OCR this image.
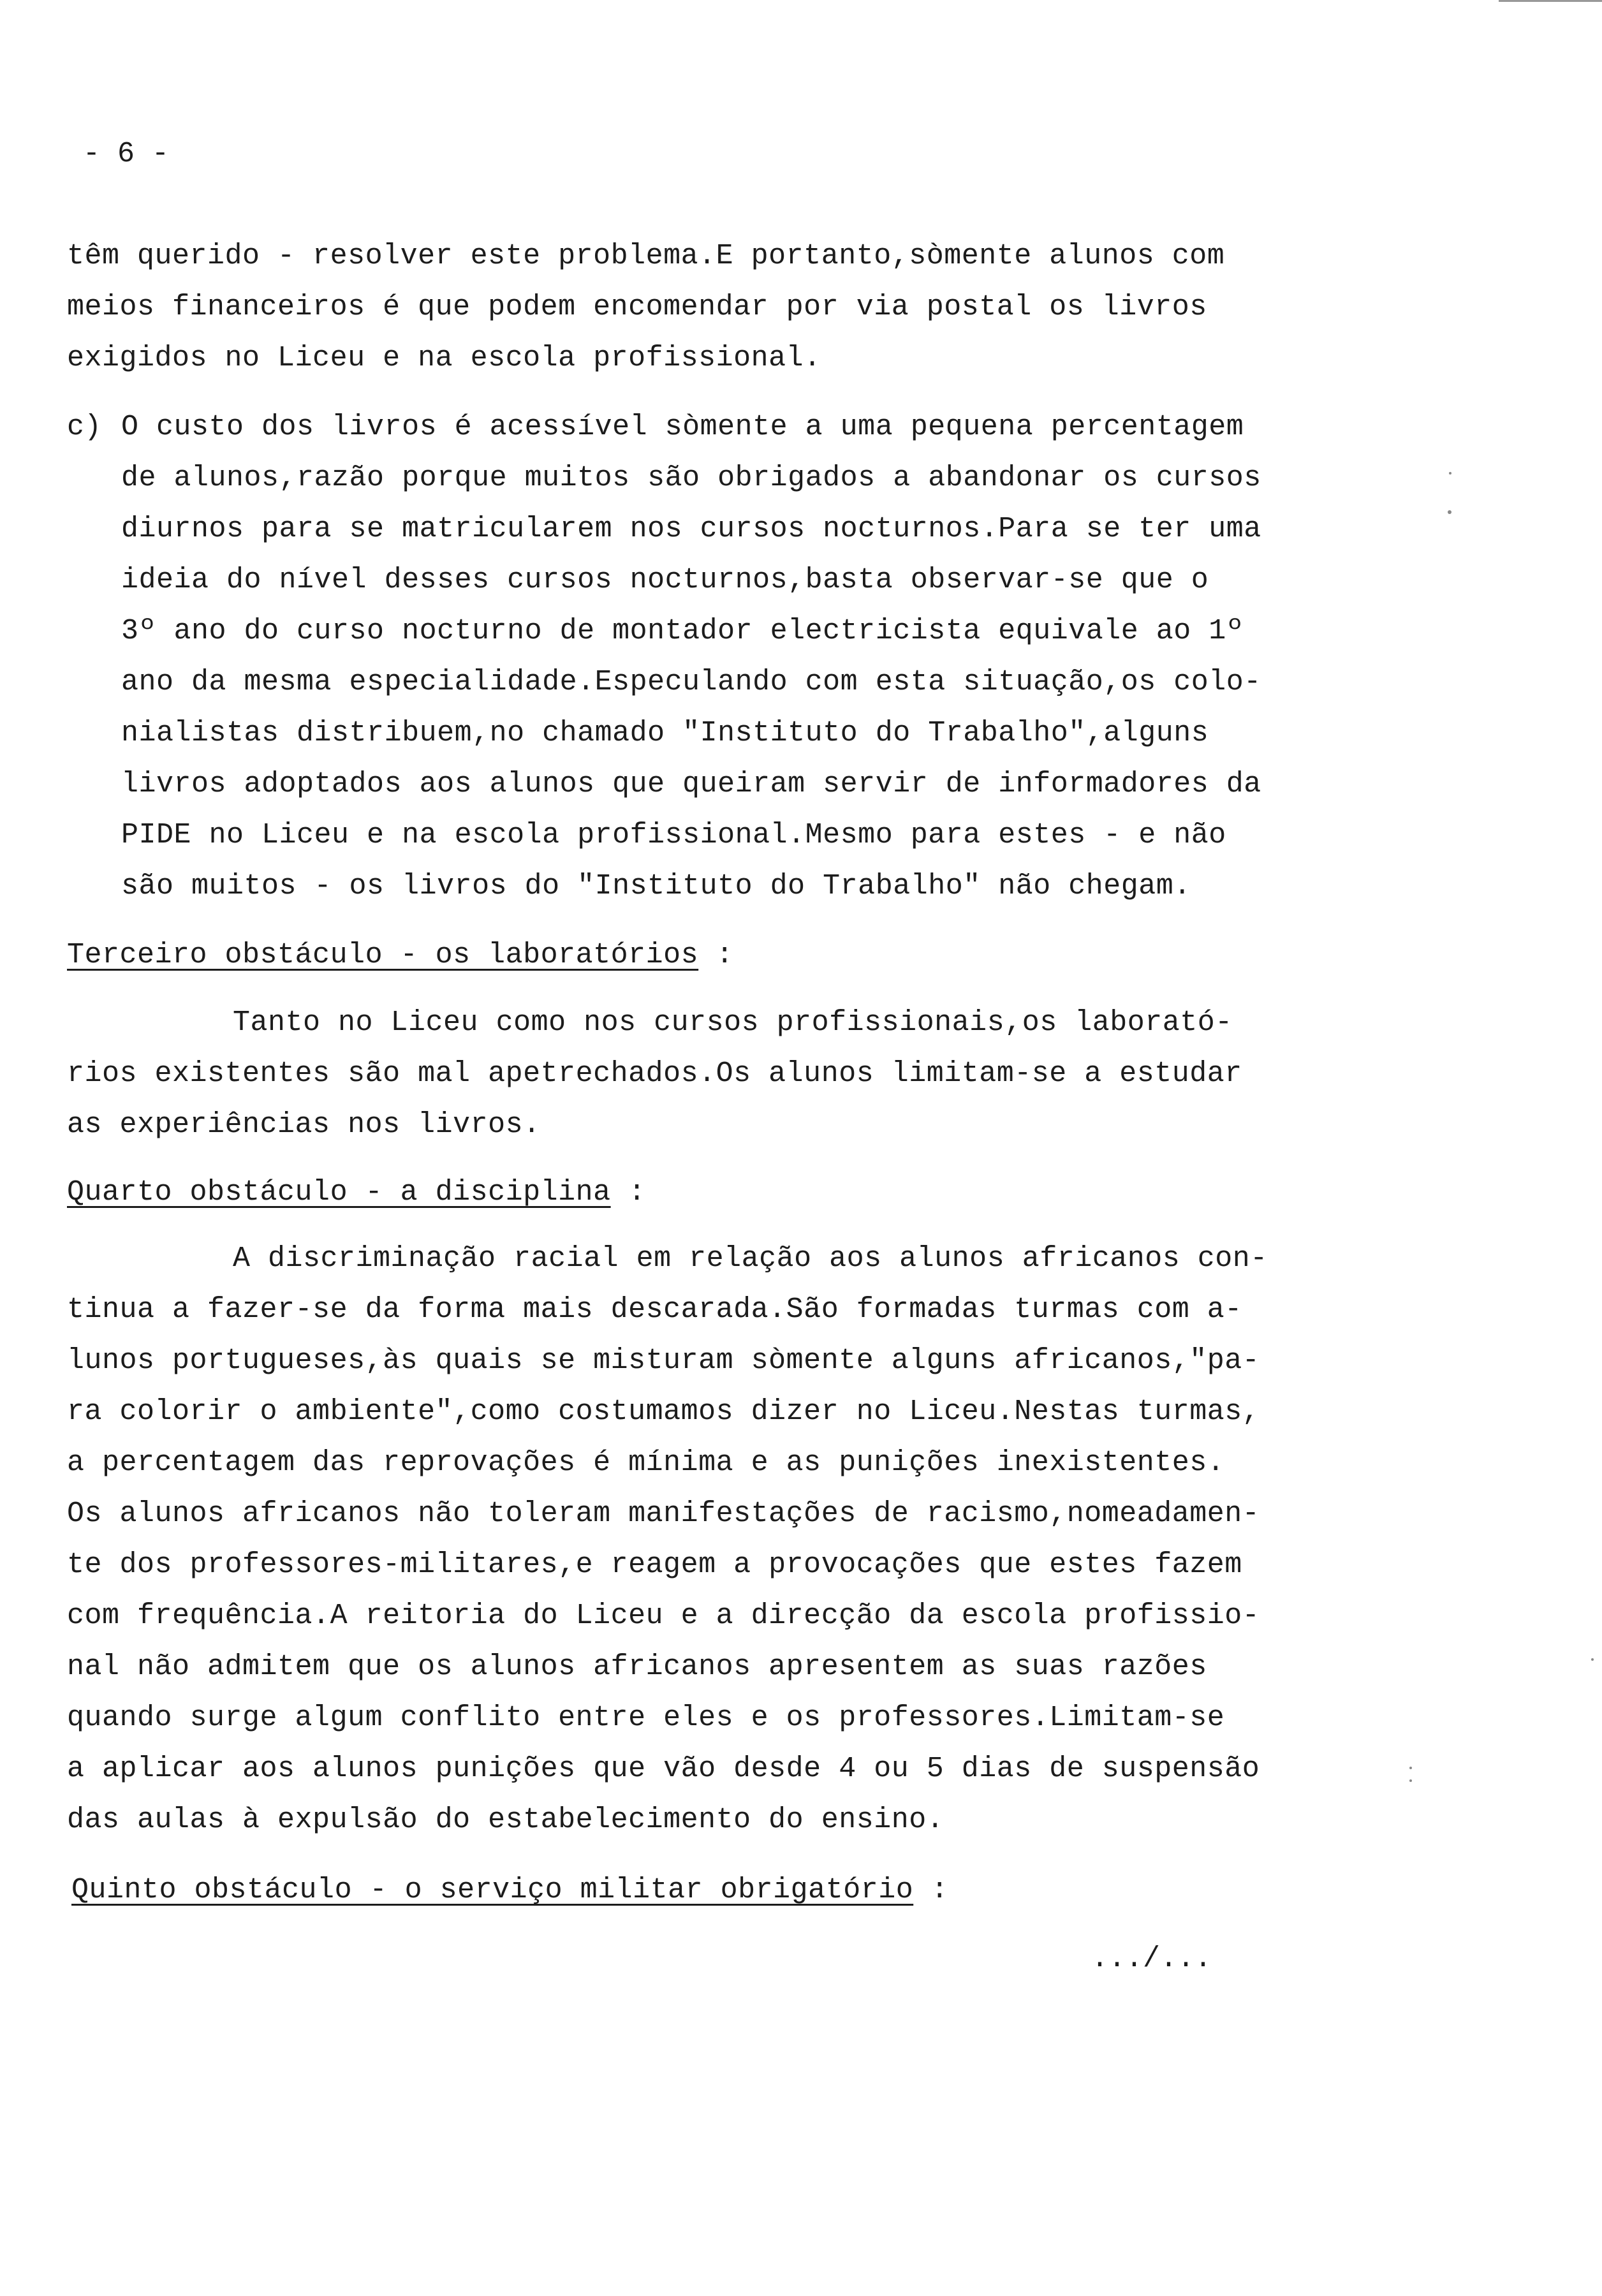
- 6 -
têm querido - resolver este problema.E portanto,sòmente alunos com
meios financeiros é que podem encomendar por via postal os livros
exigidos no Liceu e na escola profissional.
c) O custo dos livros é acessível sòmente a uma pequena percentagem
de alunos,razão porque muitos são obrigados a abandonar os cursos
diurnos para se matricularem nos cursos nocturnos.Para se ter uma
ideia do nível desses cursos nocturnos,basta observar-se que o
3º ano do curso nocturno de montador electricista equivale ao 1º
ano da mesma especialidade.Especulando com esta situação,os colo-
nialistas distribuem,no chamado "Instituto do Trabalho",alguns
livros adoptados aos alunos que queiram servir de informadores da
PIDE no Liceu e na escola profissional.Mesmo para estes - e não
são muitos - os livros do "Instituto do Trabalho" não chegam.
Terceiro obstáculo - os laboratórios :
Tanto no Liceu como nos cursos profissionais,os laborató-
rios existentes são mal apetrechados.Os alunos limitam-se a estudar
as experiências nos livros.
Quarto obstáculo - a disciplina :
A discriminação racial em relação aos alunos africanos con-
tinua a fazer-se da forma mais descarada.São formadas turmas com a-
lunos portugueses,às quais se misturam sòmente alguns africanos,"pa-
ra colorir o ambiente",como costumamos dizer no Liceu.Nestas turmas,
a percentagem das reprovações é mínima e as punições inexistentes.
Os alunos africanos não toleram manifestações de racismo,nomeadamen-
te dos professores-militares,e reagem a provocações que estes fazem
com frequência.A reitoria do Liceu e a direcção da escola profissio-
nal não admitem que os alunos africanos apresentem as suas razões
quando surge algum conflito entre eles e os professores.Limitam-se
a aplicar aos alunos punições que vão desde 4 ou 5 dias de suspensão
das aulas à expulsão do estabelecimento do ensino.
Quinto obstáculo - o serviço militar obrigatório :
.../...
